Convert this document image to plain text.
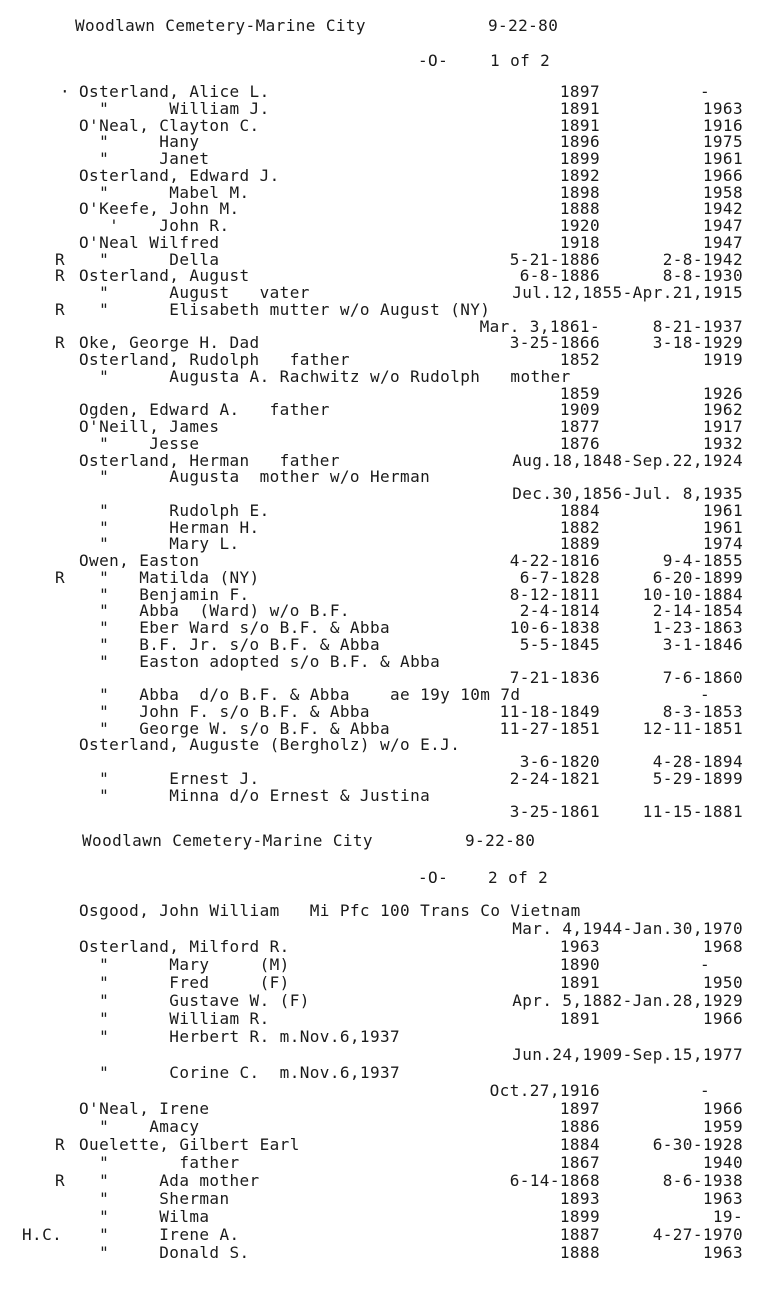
Woodlawn Cemetery-Marine City	9-22-80
-O-	1 of 2
· Osterland, Alice L.	1897	-
"      William J.	1891	1963
O'Neal, Clayton C.	1891	1916
"     Hany	1896	1975
"     Janet	1899	1961
Osterland, Edward J.	1892	1966
"      Mabel M.	1898	1958
O'Keefe, John M.	1888	1942
'    John R.	1920	1947
O'Neal Wilfred	1918	1947
R "      Della	5-21-1886	2-8-1942
R Osterland, August	6-8-1886	8-8-1930
"      August   vater	Jul.12,1855-Apr.21,1915
R "      Elisabeth mutter w/o August (NY)
Mar. 3,1861-	8-21-1937
R Oke, George H. Dad	3-25-1866	3-18-1929
Osterland, Rudolph   father	1852	1919
"      Augusta A. Rachwitz w/o Rudolph   mother
1859	1926
Ogden, Edward A.   father	1909	1962
O'Neill, James	1877	1917
"    Jesse	1876	1932
Osterland, Herman   father	Aug.18,1848-Sep.22,1924
"      Augusta  mother w/o Herman
Dec.30,1856-Jul. 8,1935
"      Rudolph E.	1884	1961
"      Herman H.	1882	1961
"      Mary L.	1889	1974
Owen, Easton	4-22-1816	9-4-1855
R "   Matilda (NY)	6-7-1828	6-20-1899
"   Benjamin F.	8-12-1811	10-10-1884
"   Abba  (Ward) w/o B.F.	2-4-1814	2-14-1854
"   Eber Ward s/o B.F. & Abba	10-6-1838	1-23-1863
"   B.F. Jr. s/o B.F. & Abba	5-5-1845	3-1-1846
"   Easton adopted s/o B.F. & Abba
7-21-1836	7-6-1860
"   Abba  d/o B.F. & Abba    ae 19y 10m 7d	-
"   John F. s/o B.F. & Abba	11-18-1849	8-3-1853
"   George W. s/o B.F. & Abba	11-27-1851	12-11-1851
Osterland, Auguste (Bergholz) w/o E.J.
3-6-1820	4-28-1894
"      Ernest J.	2-24-1821	5-29-1899
"      Minna d/o Ernest & Justina
3-25-1861	11-15-1881
Woodlawn Cemetery-Marine City	9-22-80
-O- 2 of 2
Osgood, John William   Mi Pfc 100 Trans Co Vietnam
Mar. 4,1944-Jan.30,1970
Osterland, Milford R.	1963	1968
"      Mary     (M)	1890	-
"      Fred     (F)	1891	1950
"      Gustave W. (F)	Apr. 5,1882-Jan.28,1929
"      William R.	1891	1966
"      Herbert R. m.Nov.6,1937
Jun.24,1909-Sep.15,1977
"      Corine C.  m.Nov.6,1937
Oct.27,1916	-
O'Neal, Irene	1897	1966
"    Amacy	1886	1959
R Ouelette, Gilbert Earl	1884	6-30-1928
"       father	1867	1940
R "     Ada mother	6-14-1868	8-6-1938
"     Sherman	1893	1963
"     Wilma	1899	19-
H.C. "     Irene A.	1887	4-27-1970
"     Donald S.	1888	1963
